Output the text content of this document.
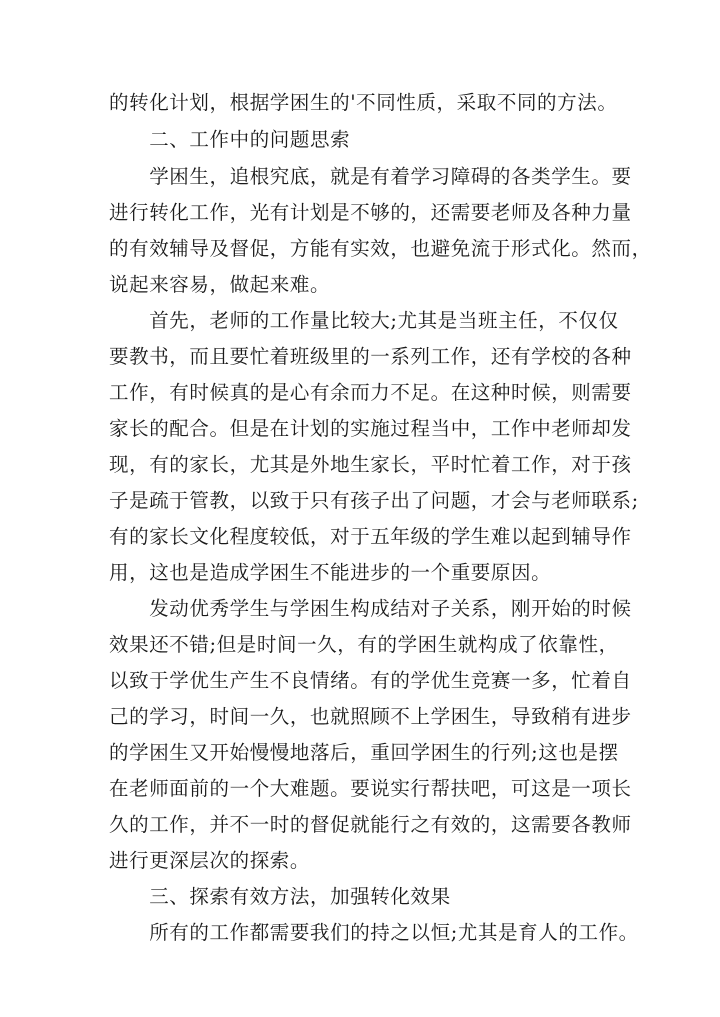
的转化计划，根据学困生的'不同性质，采取不同的方法。
　　二、工作中的问题思索
　　学困生，追根究底，就是有着学习障碍的各类学生。要
进行转化工作，光有计划是不够的，还需要老师及各种力量
的有效辅导及督促，方能有实效，也避免流于形式化。然而，
说起来容易，做起来难。
　　首先，老师的工作量比较大;尤其是当班主任，不仅仅
要教书，而且要忙着班级里的一系列工作，还有学校的各种
工作，有时候真的是心有余而力不足。在这种时候，则需要
家长的配合。但是在计划的实施过程当中，工作中老师却发
现，有的家长，尤其是外地生家长，平时忙着工作，对于孩
子是疏于管教，以致于只有孩子出了问题，才会与老师联系;
有的家长文化程度较低，对于五年级的学生难以起到辅导作
用，这也是造成学困生不能进步的一个重要原因。
　　发动优秀学生与学困生构成结对子关系，刚开始的时候
效果还不错;但是时间一久，有的学困生就构成了依靠性，
以致于学优生产生不良情绪。有的学优生竞赛一多，忙着自
己的学习，时间一久，也就照顾不上学困生，导致稍有进步
的学困生又开始慢慢地落后，重回学困生的行列;这也是摆
在老师面前的一个大难题。要说实行帮扶吧，可这是一项长
久的工作，并不一时的督促就能行之有效的，这需要各教师
进行更深层次的探索。
　　三、探索有效方法，加强转化效果
　　所有的工作都需要我们的持之以恒;尤其是育人的工作。
